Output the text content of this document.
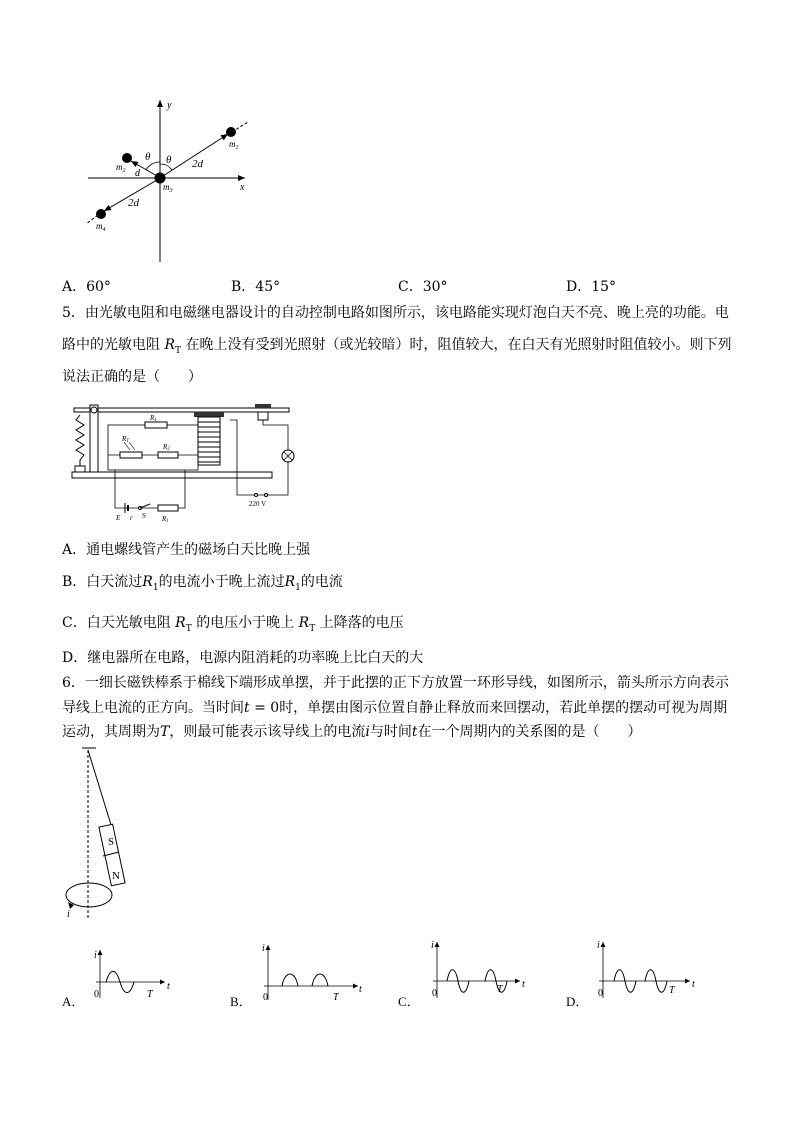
y
x
$m_1$
2d
$m_2$ d
θ θ
$m_3$
$m_4$
2d
A．60°	B．45°	C．30°	D．15°
5．由光敏电阻和电磁继电器设计的自动控制电路如图所示，该电路能实现灯泡白天不亮、晚上亮的功能。电
路中的光敏电阻 $R_T$ 在晚上没有受到光照射（或光较暗）时，阻值较大，在白天有光照射时阻值较小。则下列
说法正确的是（　　）
R1
RT
R2
E r S R1
220 V
A．通电螺线管产生的磁场白天比晚上强
B．白天流过$R_1$的电流小于晚上流过$R_1$的电流
C．白天光敏电阻 $R_T$ 的电压小于晚上 $R_T$ 上降落的电压
D．继电器所在电路，电源内阻消耗的功率晚上比白天的大
6．一细长磁铁棒系于棉线下端形成单摆，并于此摆的正下方放置一环形导线，如图所示，箭头所示方向表示
导线上电流的正方向。当时间t = 0时，单摆由图示位置自静止释放而来回摆动，若此单摆的摆动可视为周期
运动，其周期为T，则最可能表示该导线上的电流i与时间t在一个周期内的关系图的是（　　）
S
N
i
i
t
0	T
A．
i
t
0	T
B．
i
t
0	T
C．
i
t
0	T
D．
